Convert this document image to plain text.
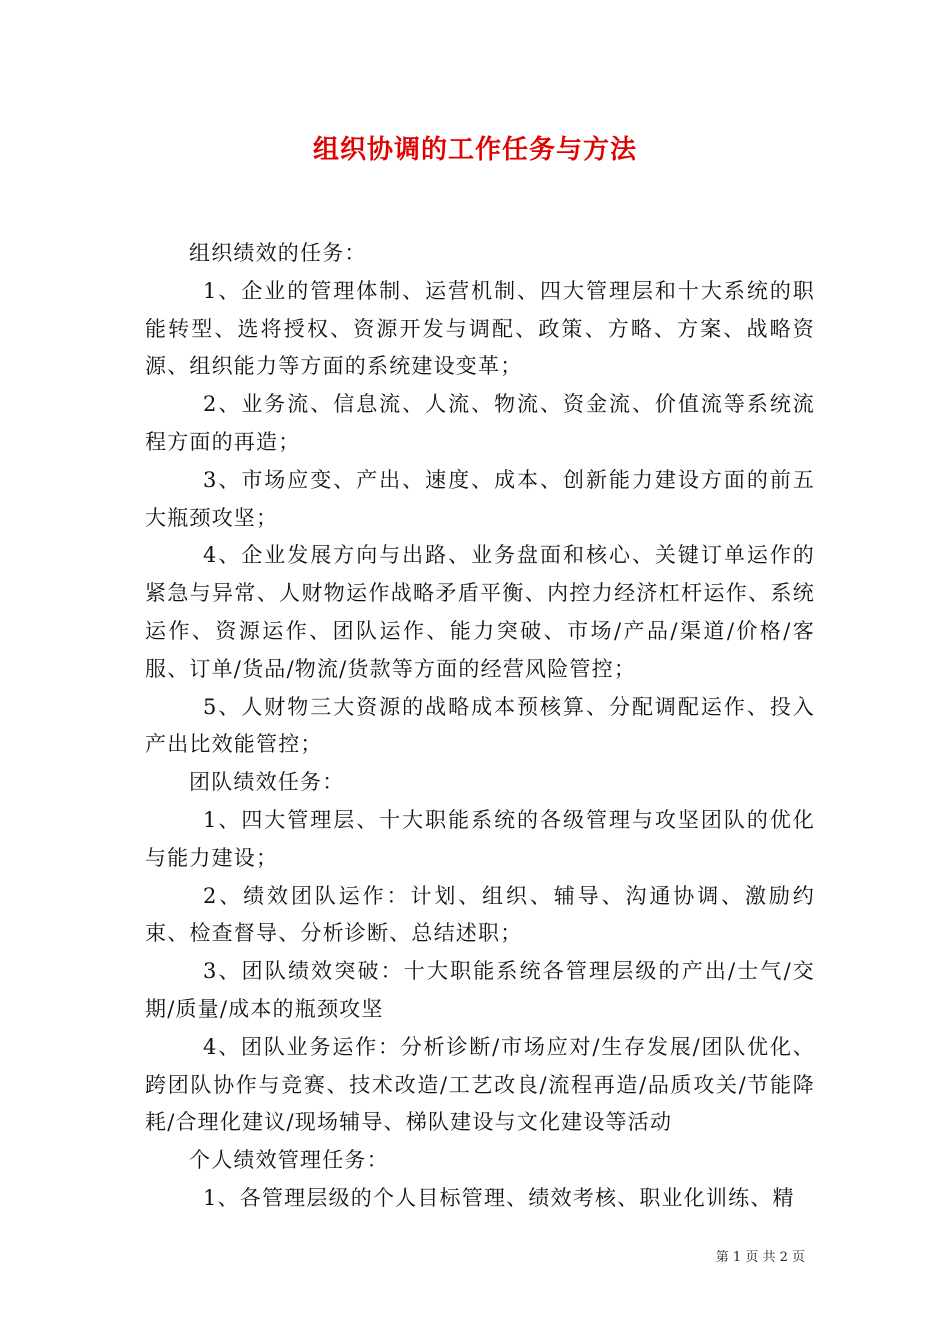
组织协调的工作任务与方法

组织绩效的任务：

1、企业的管理体制、运营机制、四大管理层和十大系统的职能转型、选将授权、资源开发与调配、政策、方略、方案、战略资源、组织能力等方面的系统建设变革；

2、业务流、信息流、人流、物流、资金流、价值流等系统流程方面的再造；

3、市场应变、产出、速度、成本、创新能力建设方面的前五大瓶颈攻坚；

4、企业发展方向与出路、业务盘面和核心、关键订单运作的紧急与异常、人财物运作战略矛盾平衡、内控力经济杠杆运作、系统运作、资源运作、团队运作、能力突破、市场/产品/渠道/价格/客服、订单/货品/物流/货款等方面的经营风险管控；

5、人财物三大资源的战略成本预核算、分配调配运作、投入产出比效能管控；

团队绩效任务：

1、四大管理层、十大职能系统的各级管理与攻坚团队的优化与能力建设；

2、绩效团队运作：计划、组织、辅导、沟通协调、激励约束、检查督导、分析诊断、总结述职；

3、团队绩效突破：十大职能系统各管理层级的产出/士气/交期/质量/成本的瓶颈攻坚

4、团队业务运作：分析诊断/市场应对/生存发展/团队优化、跨团队协作与竞赛、技术改造/工艺改良/流程再造/品质攻关/节能降耗/合理化建议/现场辅导、梯队建设与文化建设等活动

个人绩效管理任务：

1、各管理层级的个人目标管理、绩效考核、职业化训练、精

第 1 页 共 2 页
